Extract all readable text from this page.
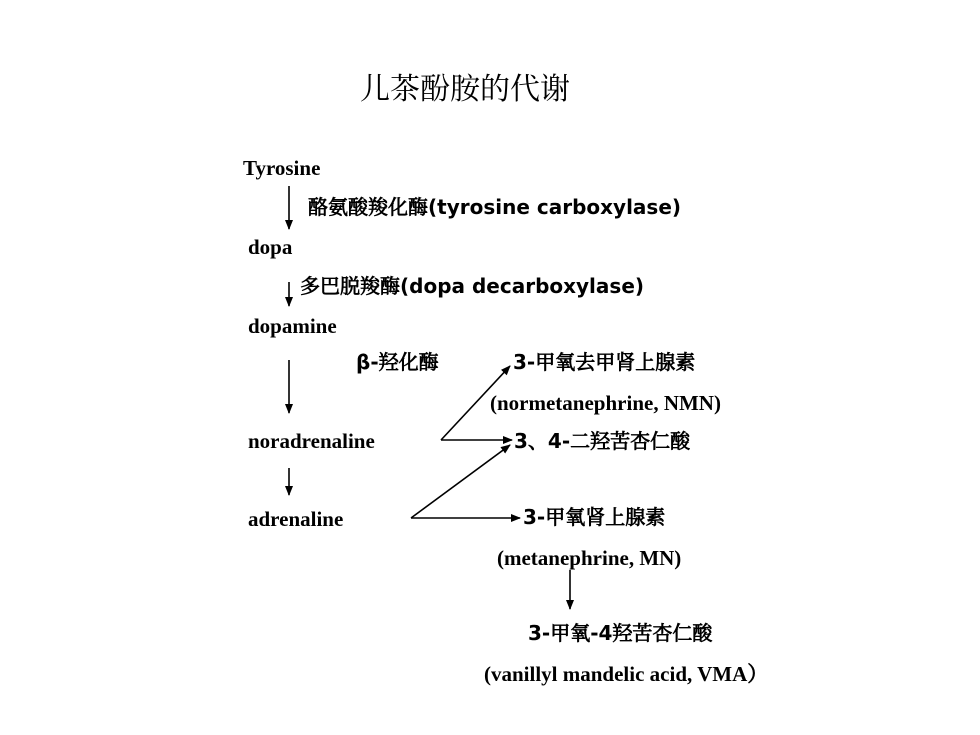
儿茶酚胺的代谢
Tyrosine
酪氨酸羧化酶(tyrosine carboxylase)
dopa
多巴脱羧酶(dopa decarboxylase)
dopamine
β-羟化酶	3-甲氧去甲肾上腺素
(normetanephrine, NMN)
noradrenaline	3、4-二羟苦杏仁酸
adrenaline	3-甲氧肾上腺素
(metanephrine, MN)
3-甲氧-4羟苦杏仁酸
(vanillyl mandelic acid, VMA）
